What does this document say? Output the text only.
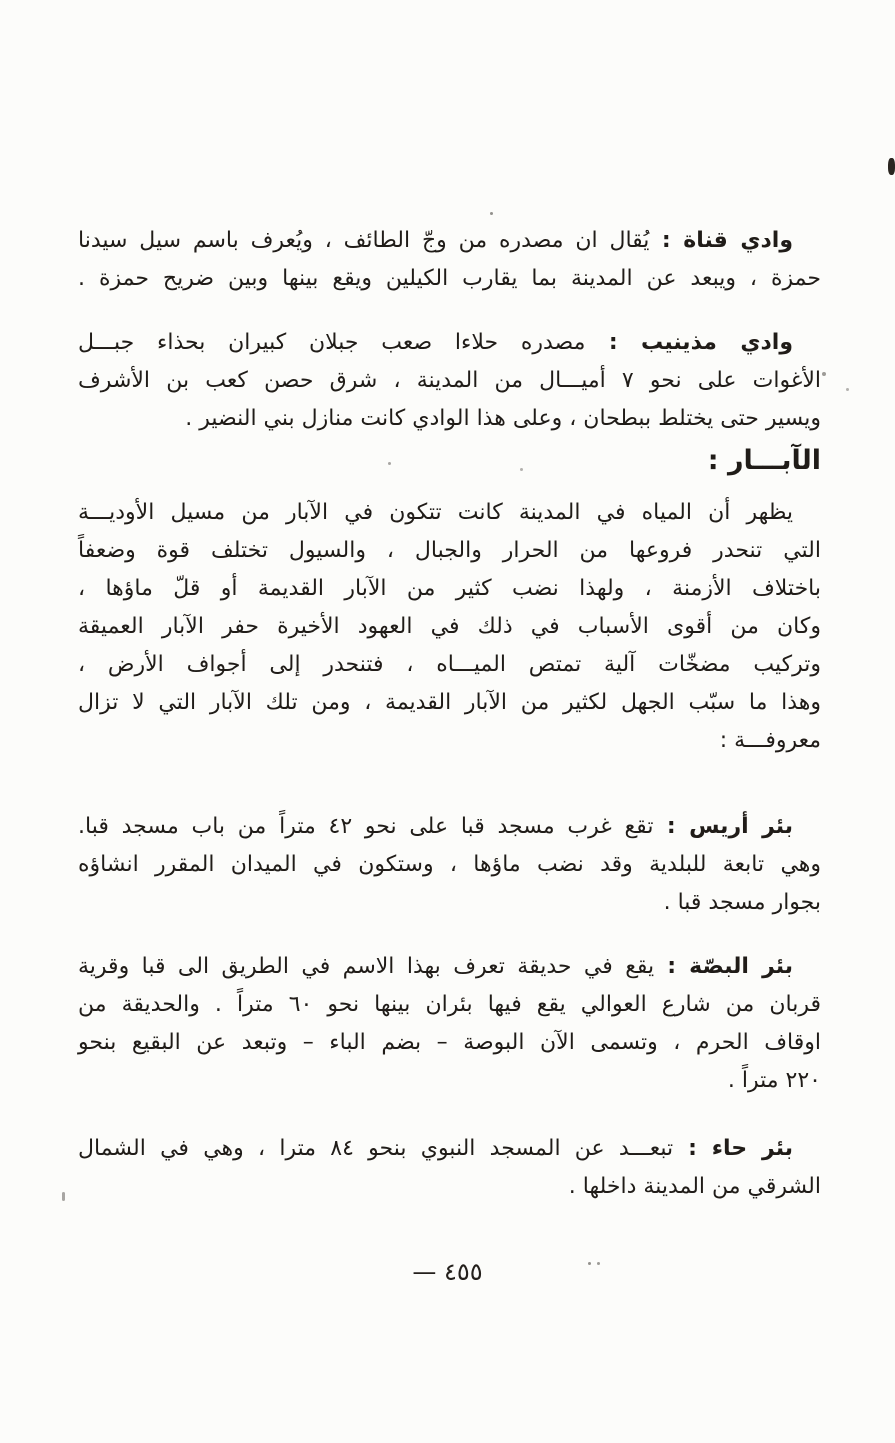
وادي قناة : يُقال ان مصدره من وجّ الطائف ، ويُعرف باسم سيل سيدنا
حمزة ، ويبعد عن المدينة بما يقارب الكيلين ويقع بينها وبين ضريح حمزة .
وادي مذينيب : مصدره حلاءا صعب جبلان كبيران بحذاء جبـــل
الأغوات على نحو ٧ أميـــال من المدينة ، شرق حصن كعب بن الأشرف
ويسير حتى يختلط ببطحان ، وعلى هذا الوادي كانت منازل بني النضير .
الآبـــار :
يظهر أن المياه في المدينة كانت تتكون في الآبار من مسيل الأوديـــة
التي تنحدر فروعها من الحرار والجبال ، والسيول تختلف قوة وضعفاً
باختلاف الأزمنة ، ولهذا نضب كثير من الآبار القديمة أو قلّ ماؤها ،
وكان من أقوى الأسباب في ذلك في العهود الأخيرة حفر الآبار العميقة
وتركيب مضخّات آلية تمتص الميـــاه ، فتنحدر إلى أجواف الأرض ،
وهذا ما سبّب الجهل لكثير من الآبار القديمة ، ومن تلك الآبار التي لا تزال
معروفـــة :
بئر أريس : تقع غرب مسجد قبا على نحو ٤٢ متراً من باب مسجد قبا.
وهي تابعة للبلدية وقد نضب ماؤها ، وستكون في الميدان المقرر انشاؤه
بجوار مسجد قبا .
بئر البصّة : يقع في حديقة تعرف بهذا الاسم في الطريق الى قبا وقرية
قربان من شارع العوالي يقع فيها بئران بينها نحو ٦٠ متراً . والحديقة من
اوقاف الحرم ، وتسمى الآن البوصة – بضم الباء – وتبعد عن البقيع بنحو
٢٢٠ متراً .
بئر حاء : تبعـــد عن المسجد النبوي بنحو ٨٤ مترا ، وهي في الشمال
الشرقي من المدينة داخلها .
— ٤٥٥
